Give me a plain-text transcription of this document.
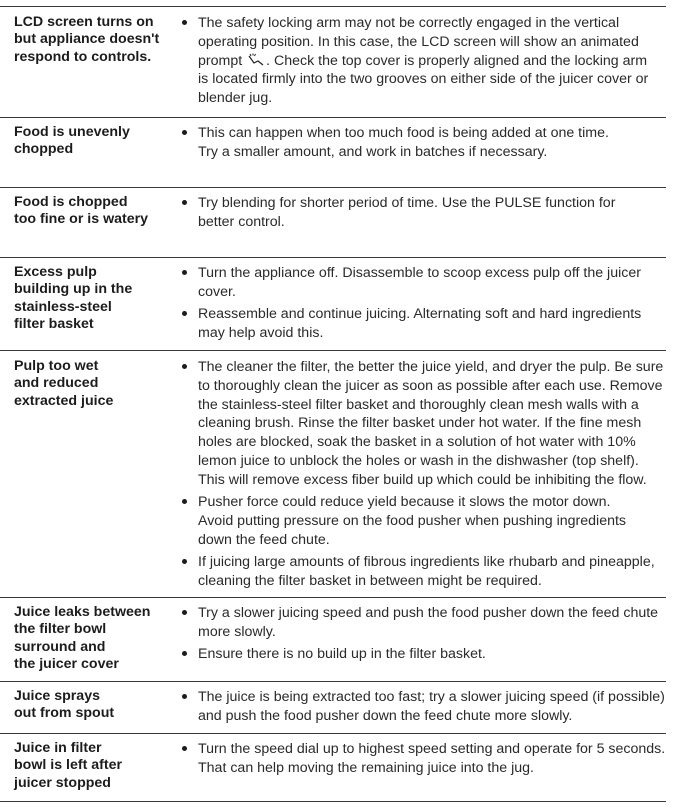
LCD screen turns on
but appliance doesn't
respond to controls.
The safety locking arm may not be correctly engaged in the vertical
operating position. In this case, the LCD screen will show an animated
prompt . Check the top cover is properly aligned and the locking arm
is located firmly into the two grooves on either side of the juicer cover or
blender jug.
Food is unevenly
chopped
This can happen when too much food is being added at one time.
Try a smaller amount, and work in batches if necessary.
Food is chopped
too fine or is watery
Try blending for shorter period of time. Use the PULSE function for
better control.
Excess pulp
building up in the
stainless-steel
filter basket
Turn the appliance off. Disassemble to scoop excess pulp off the juicer
cover.
Reassemble and continue juicing. Alternating soft and hard ingredients
may help avoid this.
Pulp too wet
and reduced
extracted juice
The cleaner the filter, the better the juice yield, and dryer the pulp. Be sure
to thoroughly clean the juicer as soon as possible after each use. Remove
the stainless-steel filter basket and thoroughly clean mesh walls with a
cleaning brush. Rinse the filter basket under hot water. If the fine mesh
holes are blocked, soak the basket in a solution of hot water with 10%
lemon juice to unblock the holes or wash in the dishwasher (top shelf).
This will remove excess fiber build up which could be inhibiting the flow.
Pusher force could reduce yield because it slows the motor down.
Avoid putting pressure on the food pusher when pushing ingredients
down the feed chute.
If juicing large amounts of fibrous ingredients like rhubarb and pineapple,
cleaning the filter basket in between might be required.
Juice leaks between
the filter bowl
surround and
the juicer cover
Try a slower juicing speed and push the food pusher down the feed chute
more slowly.
Ensure there is no build up in the filter basket.
Juice sprays
out from spout
The juice is being extracted too fast; try a slower juicing speed (if possible)
and push the food pusher down the feed chute more slowly.
Juice in filter
bowl is left after
juicer stopped
Turn the speed dial up to highest speed setting and operate for 5 seconds.
That can help moving the remaining juice into the jug.
